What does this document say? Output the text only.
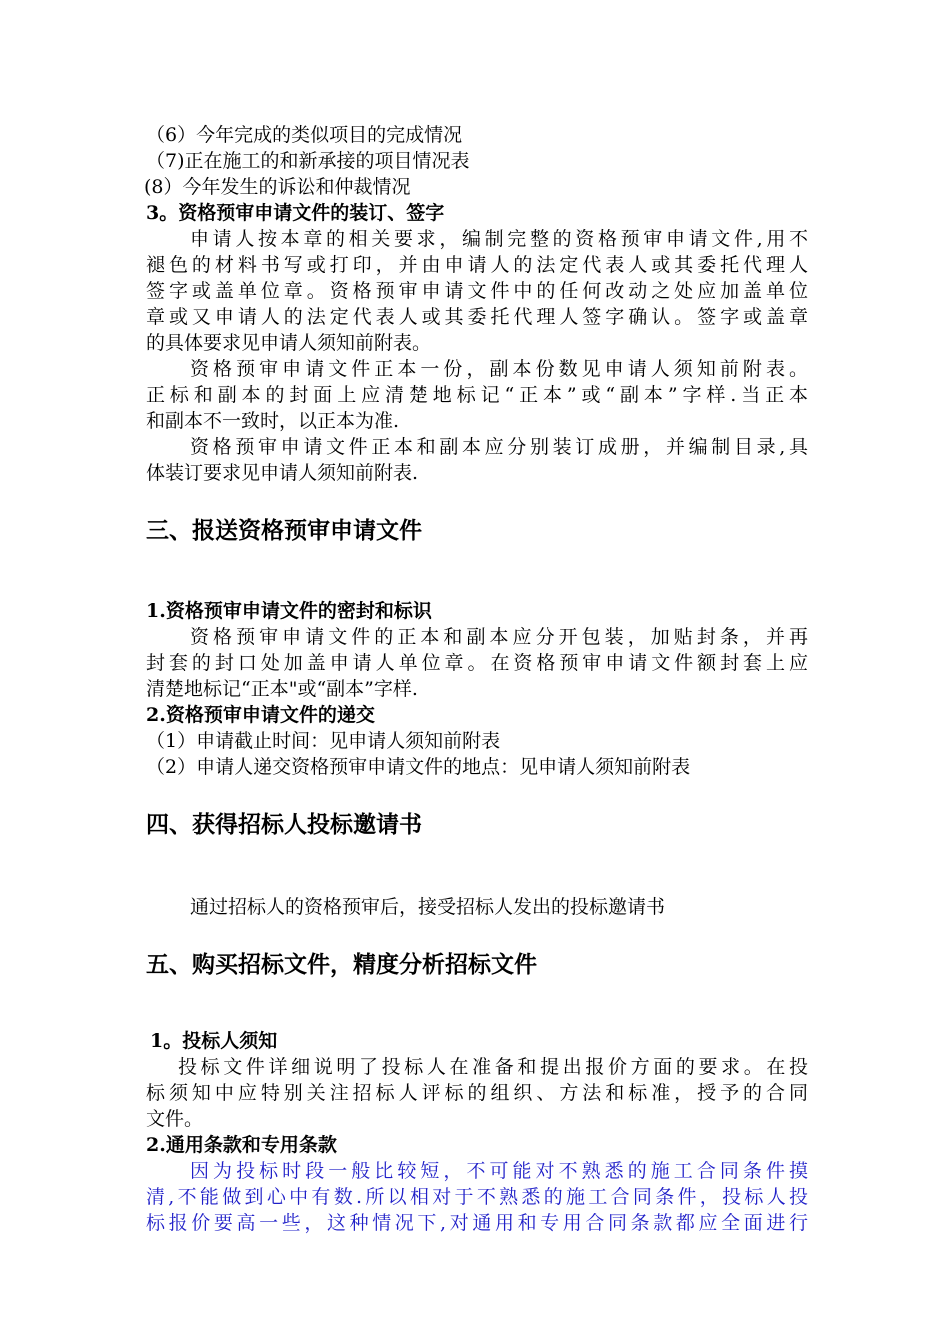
（6）今年完成的类似项目的完成情况
（7)正在施工的和新承接的项目情况表
(8）今年发生的诉讼和仲裁情况
3。资格预审申请文件的装订、签字
申请人按本章的相关要求，编制完整的资格预审申请文件,用不
褪色的材料书写或打印，并由申请人的法定代表人或其委托代理人
签字或盖单位章。资格预审申请文件中的任何改动之处应加盖单位
章或又申请人的法定代表人或其委托代理人签字确认。签字或盖章
的具体要求见申请人须知前附表。
资格预审申请文件正本一份，副本份数见申请人须知前附表。
正标和副本的封面上应清楚地标记“正本”或“副本”字样.当正本
和副本不一致时，以正本为准.
资格预审申请文件正本和副本应分别装订成册，并编制目录,具
体装订要求见申请人须知前附表.
三、报送资格预审申请文件
1.资格预审申请文件的密封和标识
资格预审申请文件的正本和副本应分开包装，加贴封条，并再
封套的封口处加盖申请人单位章。在资格预审申请文件额封套上应
清楚地标记“正本"或“副本”字样.
2.资格预审申请文件的递交
（1）申请截止时间：见申请人须知前附表
（2）申请人递交资格预审申请文件的地点：见申请人须知前附表
四、获得招标人投标邀请书
通过招标人的资格预审后，接受招标人发出的投标邀请书
五、购买招标文件，精度分析招标文件
1。投标人须知
投标文件详细说明了投标人在准备和提出报价方面的要求。在投
标须知中应特别关注招标人评标的组织、方法和标准，授予的合同
文件。
2.通用条款和专用条款
因为投标时段一般比较短，不可能对不熟悉的施工合同条件摸
清,不能做到心中有数.所以相对于不熟悉的施工合同条件，投标人投
标报价要高一些，这种情况下,对通用和专用合同条款都应全面进行
